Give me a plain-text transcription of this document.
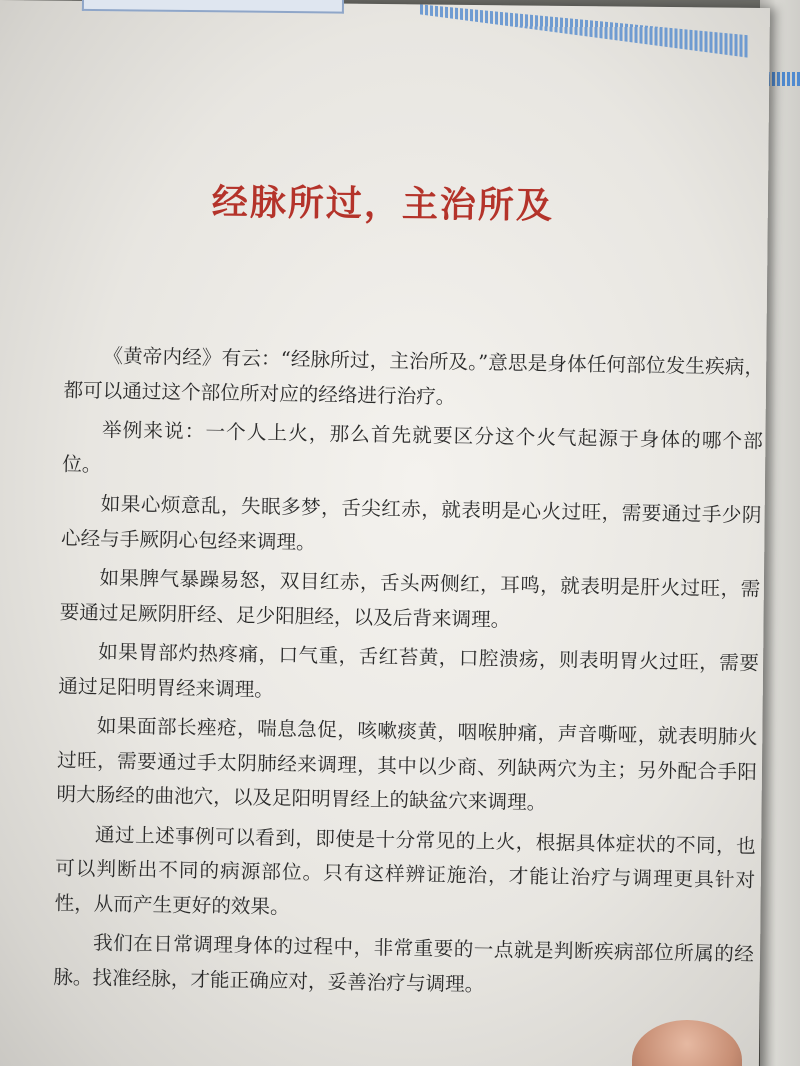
经脉所过，主治所及

《黄帝内经》有云：“经脉所过，主治所及。”意思是身体任何部位发生疾病，都可以通过这个部位所对应的经络进行治疗。

举例来说：一个人上火，那么首先就要区分这个火气起源于身体的哪个部位。

如果心烦意乱，失眠多梦，舌尖红赤，就表明是心火过旺，需要通过手少阴心经与手厥阴心包经来调理。

如果脾气暴躁易怒，双目红赤，舌头两侧红，耳鸣，就表明是肝火过旺，需要通过足厥阴肝经、足少阳胆经，以及后背来调理。

如果胃部灼热疼痛，口气重，舌红苔黄，口腔溃疡，则表明胃火过旺，需要通过足阳明胃经来调理。

如果面部长痤疮，喘息急促，咳嗽痰黄，咽喉肿痛，声音嘶哑，就表明肺火过旺，需要通过手太阴肺经来调理，其中以少商、列缺两穴为主；另外配合手阳明大肠经的曲池穴，以及足阳明胃经上的缺盆穴来调理。

通过上述事例可以看到，即使是十分常见的上火，根据具体症状的不同，也可以判断出不同的病源部位。只有这样辨证施治，才能让治疗与调理更具针对性，从而产生更好的效果。

我们在日常调理身体的过程中，非常重要的一点就是判断疾病部位所属的经脉。找准经脉，才能正确应对，妥善治疗与调理。
